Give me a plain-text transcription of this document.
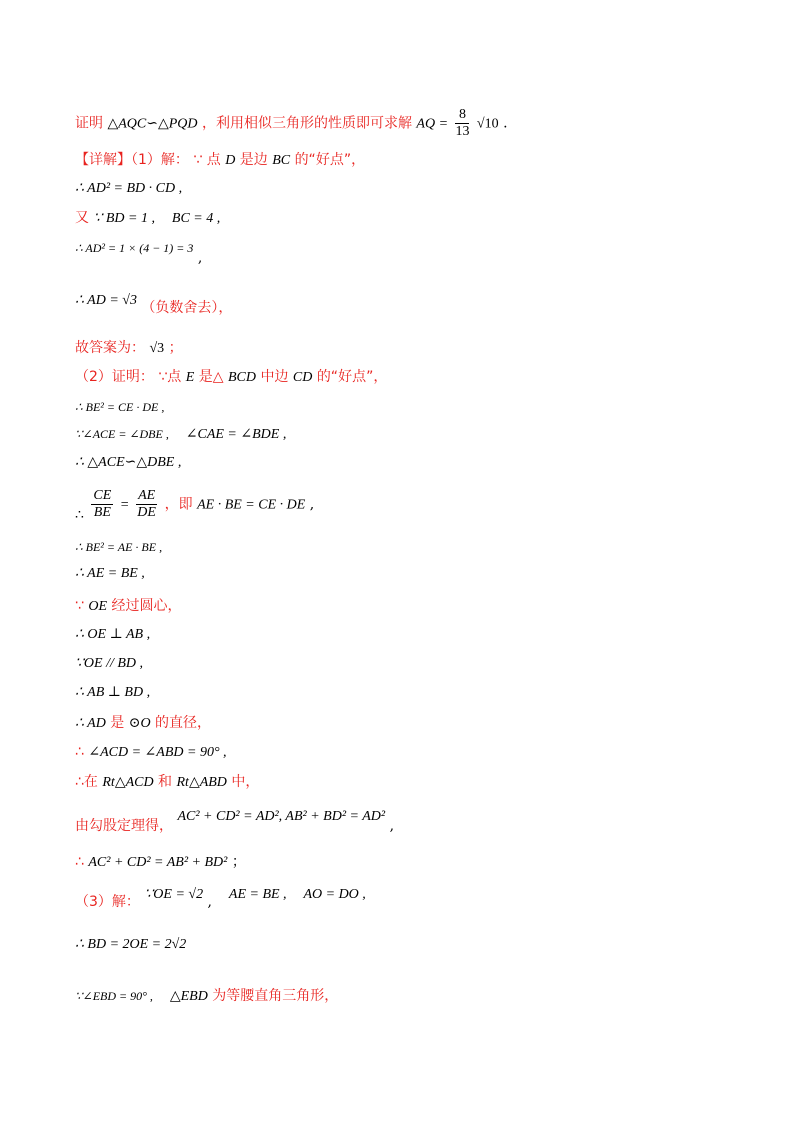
证明 △AQC∽△PQD ，利用相似三角形的性质即可求解 AQ = $\frac{8}{13} √10$ .
【详解】（1）解： ∵ 点 D 是边 BC 的“好点”，
∴ AD² = BD · CD ,
又 ∵ BD = 1 , BC = 4 ,
∴ AD² = 1 × (4 − 1) = 3 ,
∴ AD = √3 （负数舍去），
故答案为： √3 ；
（2）证明： ∵点 E 是△ BCD 中边 CD 的“好点”，
∴ BE² = CE · DE ,
∵∠ACE = ∠DBE , ∠CAE = ∠BDE ,
∴ △ACE∽△DBE ,
∴ $\frac{CE}{BE} = \frac{AE}{DE}$ ，即 AE · BE = CE · DE ,
∴ BE² = AE · BE ,
∴ AE = BE ,
∵ OE 经过圆心，
∴ OE ⊥ AB ,
∵OE // BD ,
∴ AB ⊥ BD ,
∴ AD 是 ⊙O 的直径，
∴ ∠ACD = ∠ABD = 90° ,
∴在 Rt△ACD 和 Rt△ABD 中，
由勾股定理得， AC² + CD² = AD², AB² + BD² = AD² ,
∴ AC² + CD² = AB² + BD² ；
（3）解： ∵OE = √2 , AE = BE , AO = DO ,
∴ BD = 2OE = 2√2
∵∠EBD = 90° , △EBD 为等腰直角三角形，
